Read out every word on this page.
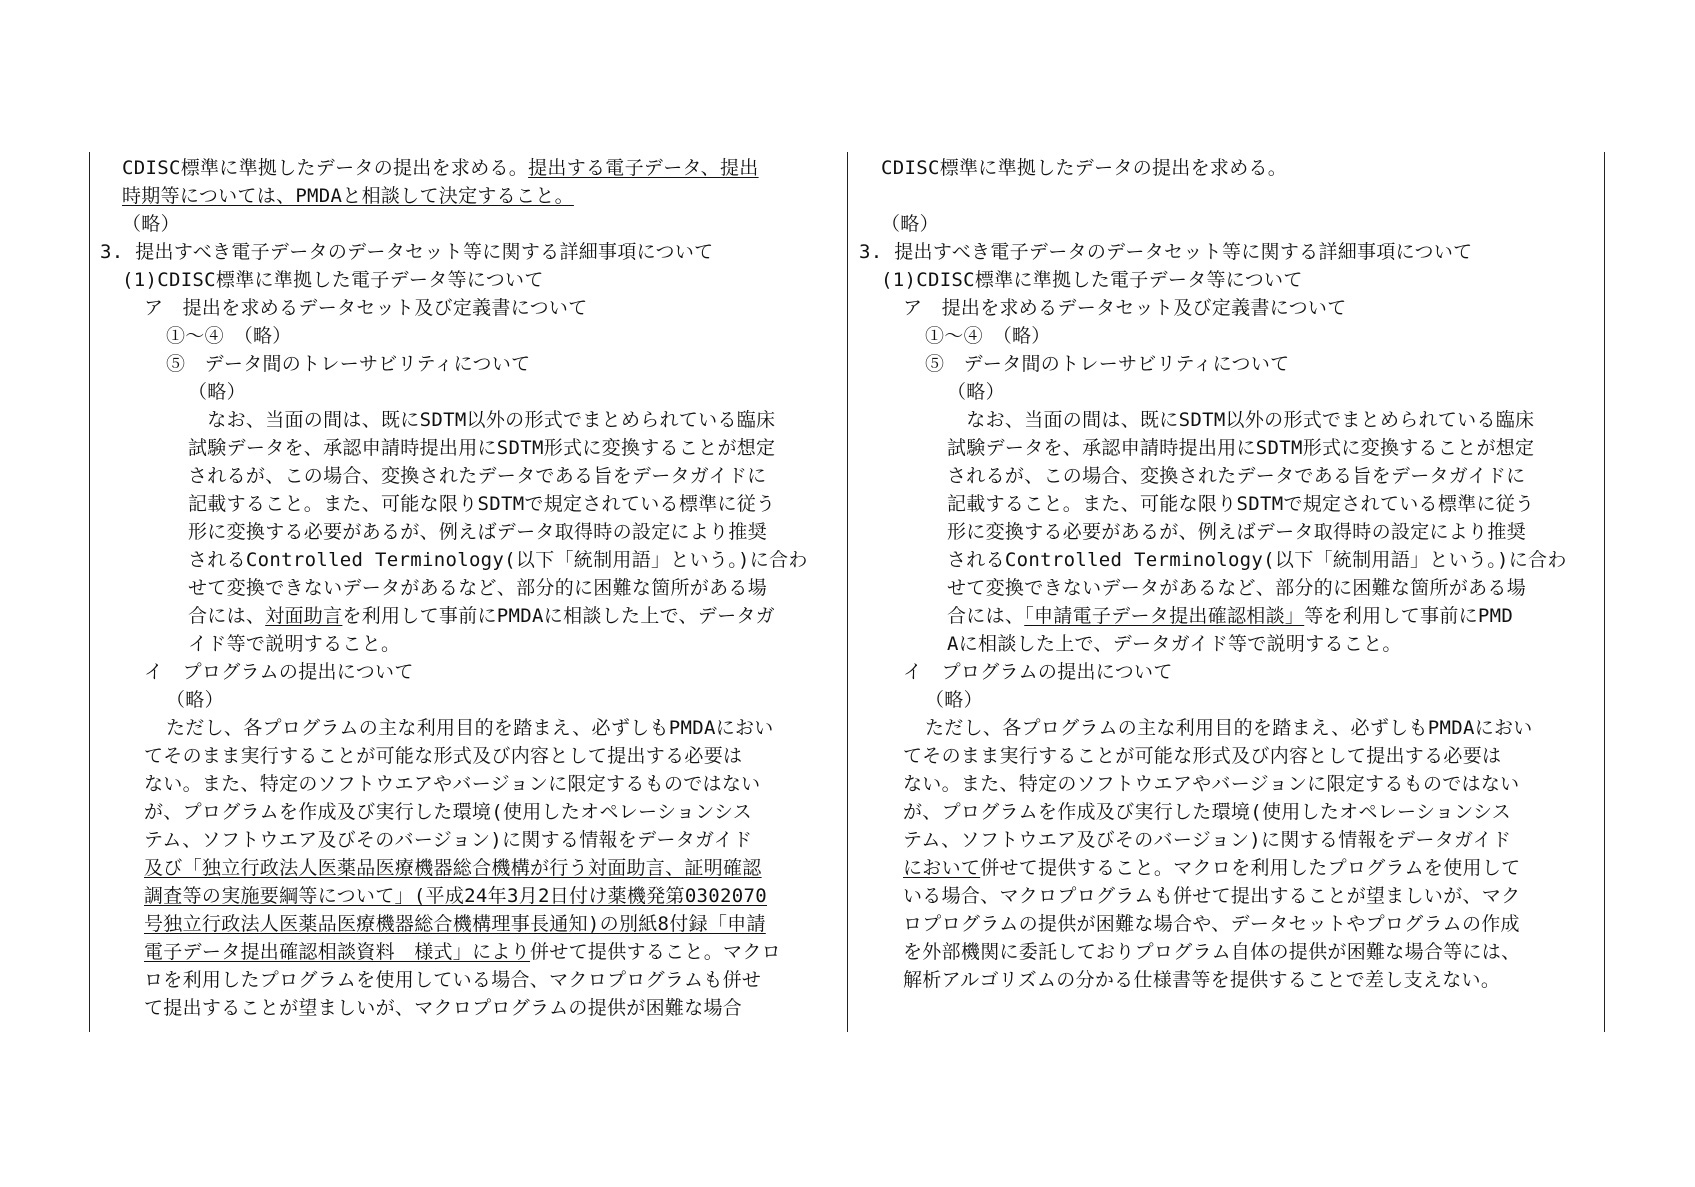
CDISC標準に準拠したデータの提出を求める。提出する電子データ、提出
時期等については、PMDAと相談して決定すること。
（略）
3. 提出すべき電子データのデータセット等に関する詳細事項について
(1)CDISC標準に準拠した電子データ等について
ア　提出を求めるデータセット及び定義書について
①～④　（略）
⑤　データ間のトレーサビリティについて
（略）
　なお、当面の間は、既にSDTM以外の形式でまとめられている臨床
試験データを、承認申請時提出用にSDTM形式に変換することが想定
されるが、この場合、変換されたデータである旨をデータガイドに
記載すること。また、可能な限りSDTMで規定されている標準に従う
形に変換する必要があるが、例えばデータ取得時の設定により推奨
されるControlled Terminology(以下「統制用語」という。)に合わ
せて変換できないデータがあるなど、部分的に困難な箇所がある場
合には、対面助言を利用して事前にPMDAに相談した上で、データガ
イド等で説明すること。
イ　プログラムの提出について
（略）
ただし、各プログラムの主な利用目的を踏まえ、必ずしもPMDAにおい
てそのまま実行することが可能な形式及び内容として提出する必要は
ない。また、特定のソフトウエアやバージョンに限定するものではない
が、プログラムを作成及び実行した環境(使用したオペレーションシス
テム、ソフトウエア及びそのバージョン)に関する情報をデータガイド
及び「独立行政法人医薬品医療機器総合機構が行う対面助言、証明確認
調査等の実施要綱等について」(平成24年3月2日付け薬機発第0302070
号独立行政法人医薬品医療機器総合機構理事長通知)の別紙8付録「申請
電子データ提出確認相談資料　様式」により併せて提供すること。マクロ
ロを利用したプログラムを使用している場合、マクロプログラムも併せ
て提出することが望ましいが、マクロプログラムの提供が困難な場合
CDISC標準に準拠したデータの提出を求める。
（略）
3. 提出すべき電子データのデータセット等に関する詳細事項について
(1)CDISC標準に準拠した電子データ等について
ア　提出を求めるデータセット及び定義書について
①～④　（略）
⑤　データ間のトレーサビリティについて
（略）
　なお、当面の間は、既にSDTM以外の形式でまとめられている臨床
試験データを、承認申請時提出用にSDTM形式に変換することが想定
されるが、この場合、変換されたデータである旨をデータガイドに
記載すること。また、可能な限りSDTMで規定されている標準に従う
形に変換する必要があるが、例えばデータ取得時の設定により推奨
されるControlled Terminology(以下「統制用語」という。)に合わ
せて変換できないデータがあるなど、部分的に困難な箇所がある場
合には、「申請電子データ提出確認相談」等を利用して事前にPMD
Aに相談した上で、データガイド等で説明すること。
イ　プログラムの提出について
（略）
ただし、各プログラムの主な利用目的を踏まえ、必ずしもPMDAにおい
てそのまま実行することが可能な形式及び内容として提出する必要は
ない。また、特定のソフトウエアやバージョンに限定するものではない
が、プログラムを作成及び実行した環境(使用したオペレーションシス
テム、ソフトウエア及びそのバージョン)に関する情報をデータガイド
において併せて提供すること。マクロを利用したプログラムを使用して
いる場合、マクロプログラムも併せて提出することが望ましいが、マク
ロプログラムの提供が困難な場合や、データセットやプログラムの作成
を外部機関に委託しておりプログラム自体の提供が困難な場合等には、
解析アルゴリズムの分かる仕様書等を提供することで差し支えない。
